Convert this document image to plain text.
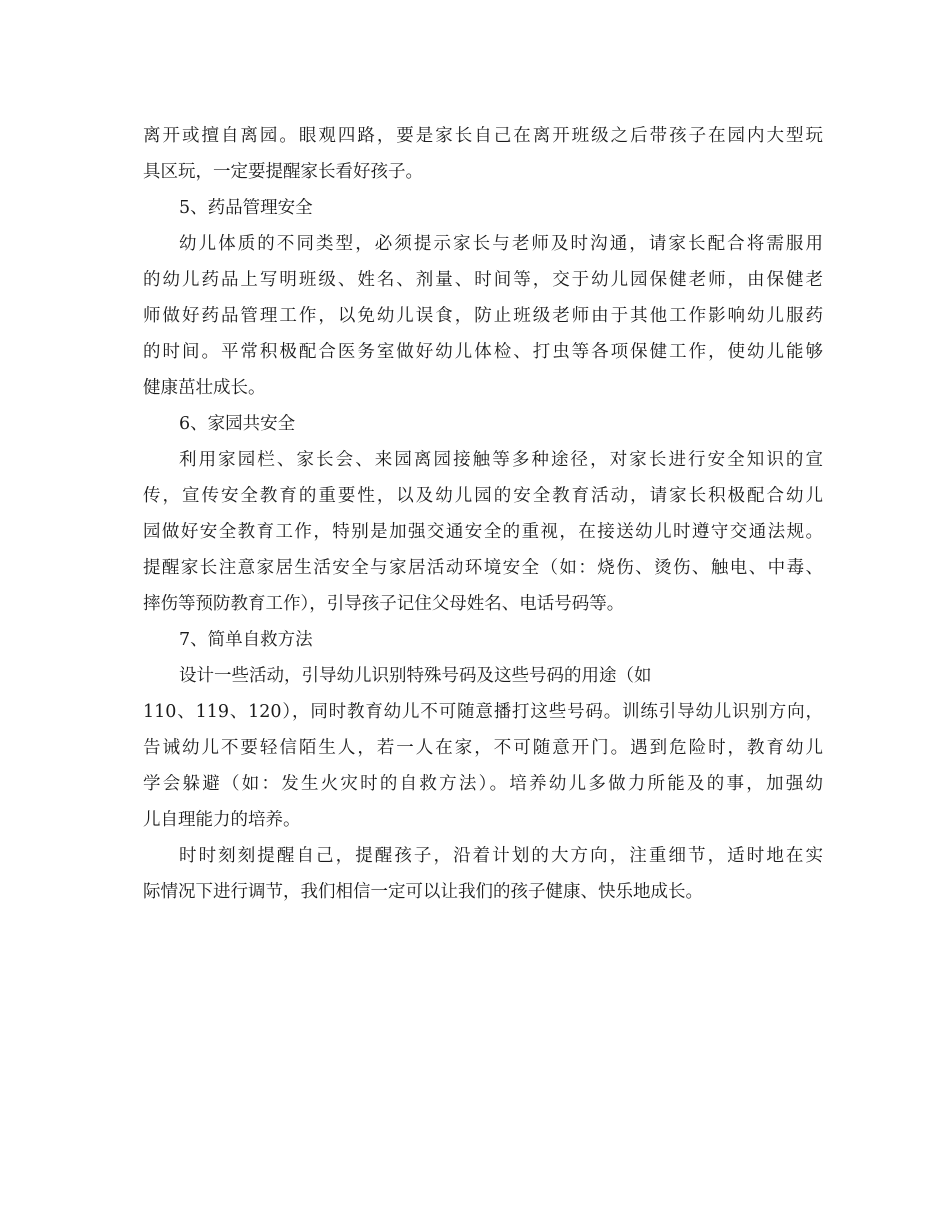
离开或擅自离园。眼观四路，要是家长自己在离开班级之后带孩子在园内大型玩
具区玩，一定要提醒家长看好孩子。
5、药品管理安全
幼儿体质的不同类型，必须提示家长与老师及时沟通，请家长配合将需服用
的幼儿药品上写明班级、姓名、剂量、时间等，交于幼儿园保健老师，由保健老
师做好药品管理工作，以免幼儿误食，防止班级老师由于其他工作影响幼儿服药
的时间。平常积极配合医务室做好幼儿体检、打虫等各项保健工作，使幼儿能够
健康茁壮成长。
6、家园共安全
利用家园栏、家长会、来园离园接触等多种途径，对家长进行安全知识的宣
传，宣传安全教育的重要性，以及幼儿园的安全教育活动，请家长积极配合幼儿
园做好安全教育工作，特别是加强交通安全的重视，在接送幼儿时遵守交通法规。
提醒家长注意家居生活安全与家居活动环境安全（如：烧伤、烫伤、触电、中毒、
摔伤等预防教育工作），引导孩子记住父母姓名、电话号码等。
7、简单自救方法
设计一些活动，引导幼儿识别特殊号码及这些号码的用途（如
110、119、120），同时教育幼儿不可随意播打这些号码。训练引导幼儿识别方向，
告诫幼儿不要轻信陌生人，若一人在家，不可随意开门。遇到危险时，教育幼儿
学会躲避（如：发生火灾时的自救方法）。培养幼儿多做力所能及的事，加强幼
儿自理能力的培养。
时时刻刻提醒自己，提醒孩子，沿着计划的大方向，注重细节，适时地在实
际情况下进行调节，我们相信一定可以让我们的孩子健康、快乐地成长。
